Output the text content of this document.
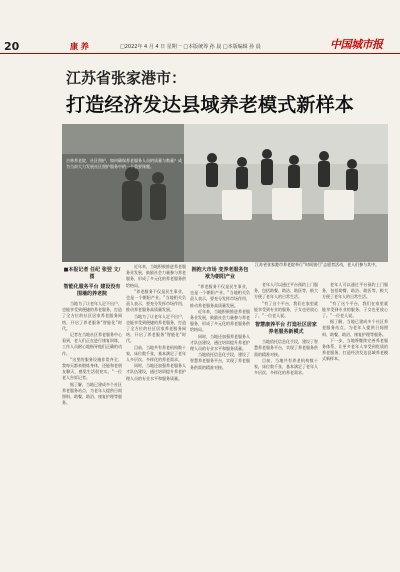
20	康 养	□2022年 4 月 4 日 星期一 □本版统筹 孙 晨 □本版编辑 孙 晨	中国城市报
江苏省张家港市：
打造经济发达县域养老模式新样本
吉林养老院，社区照护，如何确保养老服务人员的质量与数量？成为当前大力发展社区照护服务中的一个重要课题。
江苏省张家港市养老院举行“时间银行”志愿者活动，老人们参与其中。

■本报记者 任纪 张翌 文/图

智能化服务平台 建设没有围墙的养老院

当地为了让老年人足不出户，也能享受到便捷的养老服务，打造了全方位的社区居家养老服务网络，开启了养老服务“智能化”时代。

记者在当地社区养老服务中心看到，老人们正在进行康复训练，工作人员耐心地指导他们正确的动作。

“这里的服务设施非常齐全，我每天都来锻炼身体，还能和老朋友聊天，感觉生活很充实。”一位老人告诉记者。

据了解，当地已建成多个社区养老服务站点，为老年人提供日间照料、助餐、助浴、康复护理等服务。

近年来，当地积极推进养老服务业发展，鼓励社会力量参与养老服务，形成了多元化的养老服务供给格局。

“养老服务不仅是民生事业，也是一个朝阳产业。”当地相关负责人表示，要充分发挥市场作用，推动养老服务高质量发展。

当地为了让老年人足不出户，也能享受到便捷的养老服务，打造了全方位的社区居家养老服务网络，开启了养老服务“智能化”时代。

目前，当地共有养老机构数十家，床位数千张，基本满足了老年人多层次、多样化的养老需求。

同时，当地还加强养老服务人才队伍建设，通过培训提升养老护理人员的专业水平和服务质量。

拥抱大市场 变养老服务包袱为朝阳产业

“养老服务不仅是民生事业，也是一个朝阳产业。”当地相关负责人表示，要充分发挥市场作用，推动养老服务高质量发展。

近年来，当地积极推进养老服务业发展，鼓励社会力量参与养老服务，形成了多元化的养老服务供给格局。

同时，当地还加强养老服务人才队伍建设，通过培训提升养老护理人员的专业水平和服务质量。

当地依托信息化手段，建设了智慧养老服务平台，实现了养老服务供需的精准对接。

老年人可以通过平台预约上门服务，包括助餐、助洁、助医等，极大方便了老年人的日常生活。

“有了这个平台，我们在家里就能享受到专业的服务，子女也更放心了。”一位老人说。

智慧康养平台 打造社区居家养老服务新模式

当地依托信息化手段，建设了智慧养老服务平台，实现了养老服务供需的精准对接。

目前，当地共有养老机构数十家，床位数千张，基本满足了老年人多层次、多样化的养老需求。

老年人可以通过平台预约上门服务，包括助餐、助洁、助医等，极大方便了老年人的日常生活。

“有了这个平台，我们在家里就能享受到专业的服务，子女也更放心了。”一位老人说。

据了解，当地已建成多个社区养老服务站点，为老年人提供日间照料、助餐、助浴、康复护理等服务。

下一步，当地将继续完善养老服务体系，让更多老年人享受到优质的养老服务，打造经济发达县域养老模式新样本。
